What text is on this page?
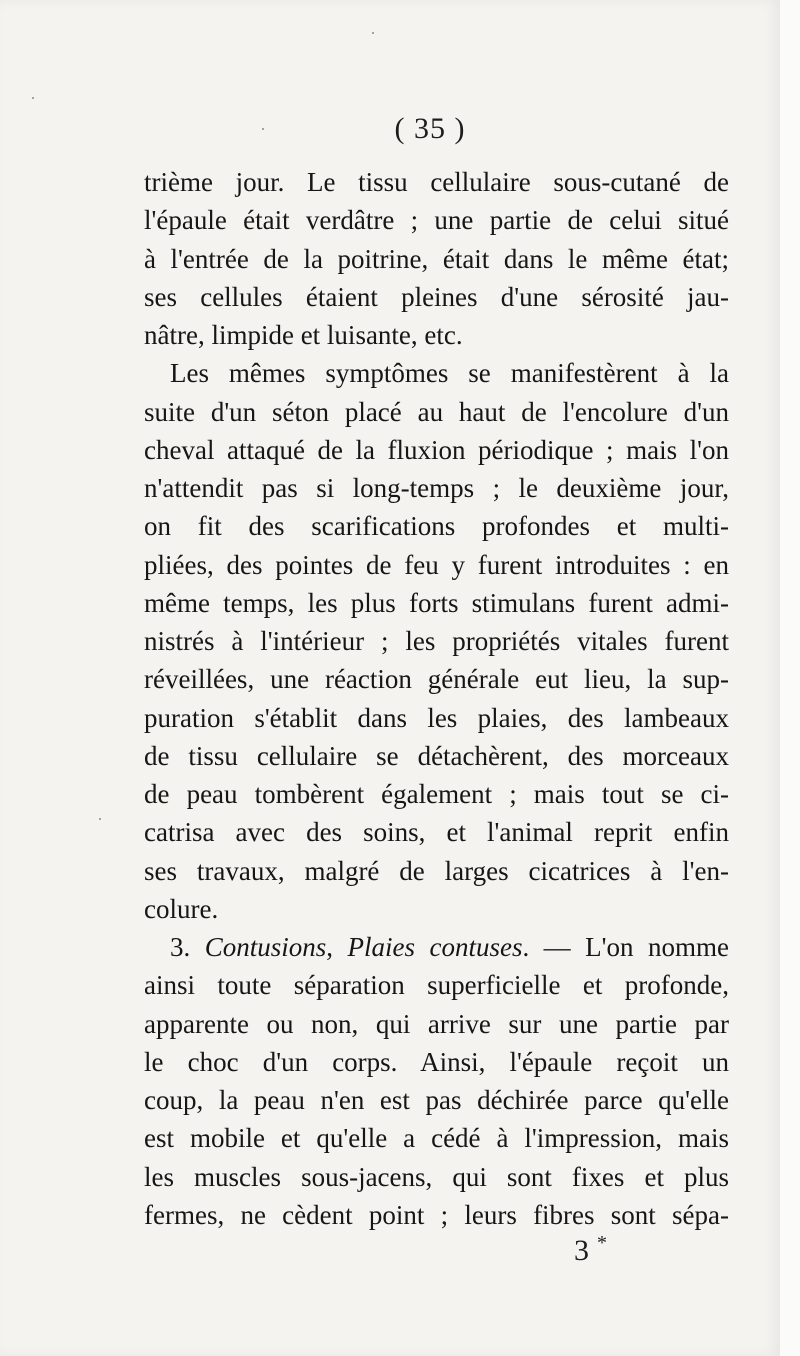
( 35 )
trième jour. Le tissu cellulaire sous-cutané de
l'épaule était verdâtre ; une partie de celui situé
à l'entrée de la poitrine, était dans le même état;
ses cellules étaient pleines d'une sérosité jau-
nâtre, limpide et luisante, etc.
Les mêmes symptômes se manifestèrent à la
suite d'un séton placé au haut de l'encolure d'un
cheval attaqué de la fluxion périodique ; mais l'on
n'attendit pas si long-temps ; le deuxième jour,
on fit des scarifications profondes et multi-
pliées, des pointes de feu y furent introduites : en
même temps, les plus forts stimulans furent admi-
nistrés à l'intérieur ; les propriétés vitales furent
réveillées, une réaction générale eut lieu, la sup-
puration s'établit dans les plaies, des lambeaux
de tissu cellulaire se détachèrent, des morceaux
de peau tombèrent également ; mais tout se ci-
catrisa avec des soins, et l'animal reprit enfin
ses travaux, malgré de larges cicatrices à l'en-
colure.
3. Contusions, Plaies contuses. — L'on nomme
ainsi toute séparation superficielle et profonde,
apparente ou non, qui arrive sur une partie par
le choc d'un corps. Ainsi, l'épaule reçoit un
coup, la peau n'en est pas déchirée parce qu'elle
est mobile et qu'elle a cédé à l'impression, mais
les muscles sous-jacens, qui sont fixes et plus
fermes, ne cèdent point ; leurs fibres sont sépa-
3 *
